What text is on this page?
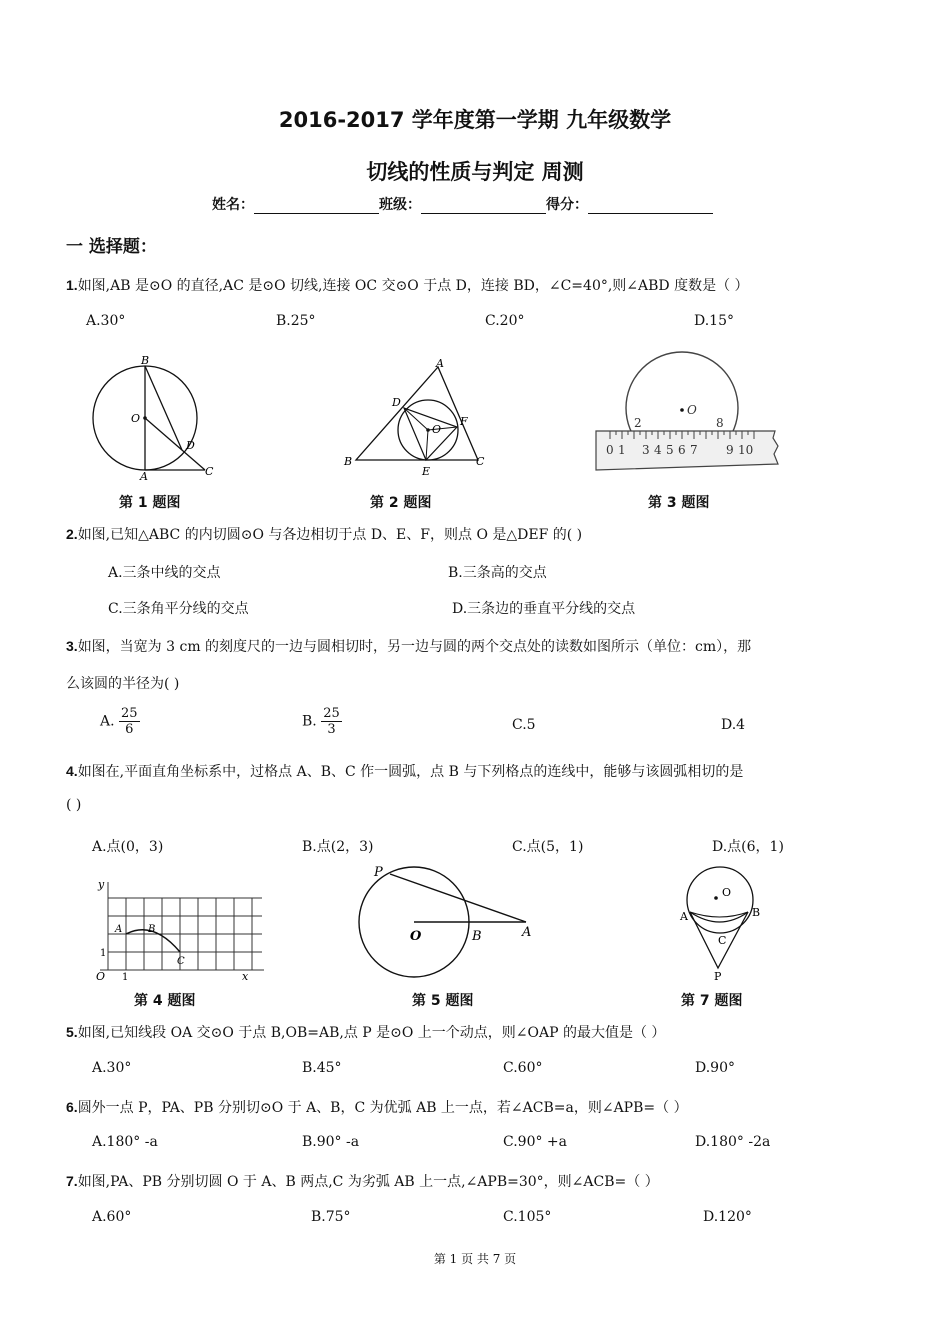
2016-2017 学年度第一学期 九年级数学
切线的性质与判定 周测
姓名：	班级：	得分：
一 选择题：
1.如图,AB 是⊙O 的直径,AC 是⊙O 切线,连接 OC 交⊙O 于点 D，连接 BD，∠C=40°,则∠ABD 度数是（ ）
A.30°	B.25°	C.20°	D.15°
B
O
D
A	C
第 1 题图
A
D
O
F
B
E
C
第 2 题图
O
2	8
0 1 3 4 5 6 7 9 10
第 3 题图
2.如图,已知△ABC 的内切圆⊙O 与各边相切于点 D、E、F，则点 O 是△DEF 的( )
A.三条中线的交点	B.三条高的交点
C.三条角平分线的交点	D.三条边的垂直平分线的交点
3.如图，当宽为 3 cm 的刻度尺的一边与圆相切时，另一边与圆的两个交点处的读数如图所示（单位：cm），那
么该圆的半径为( )
A. $\frac{25}{6}$	B. $\frac{25}{3}$	C.5	D.4
4.如图在,平面直角坐标系中，过格点 A、B、C 作一圆弧，点 B 与下列格点的连线中，能够与该圆弧相切的是
( )
A.点(0，3)	B.点(2，3)	C.点(5，1)	D.点(6，1)
y
A	B
C
1
O 1	x
第 4 题图
P
O	B	A
第 5 题图
O
A	B
C
P
第 7 题图
5.如图,已知线段 OA 交⊙O 于点 B,OB=AB,点 P 是⊙O 上一个动点，则∠OAP 的最大值是（ ）
A.30°	B.45°	C.60°	D.90°
6.圆外一点 P，PA、PB 分别切⊙O 于 A、B，C 为优弧 AB 上一点，若∠ACB=a，则∠APB=（ ）
A.180° -a	B.90° -a	C.90° +a	D.180° -2a
7.如图,PA、PB 分别切圆 O 于 A、B 两点,C 为劣弧 AB 上一点,∠APB=30°，则∠ACB=（ ）
A.60°	B.75°	C.105°	D.120°
第 1 页 共 7 页
